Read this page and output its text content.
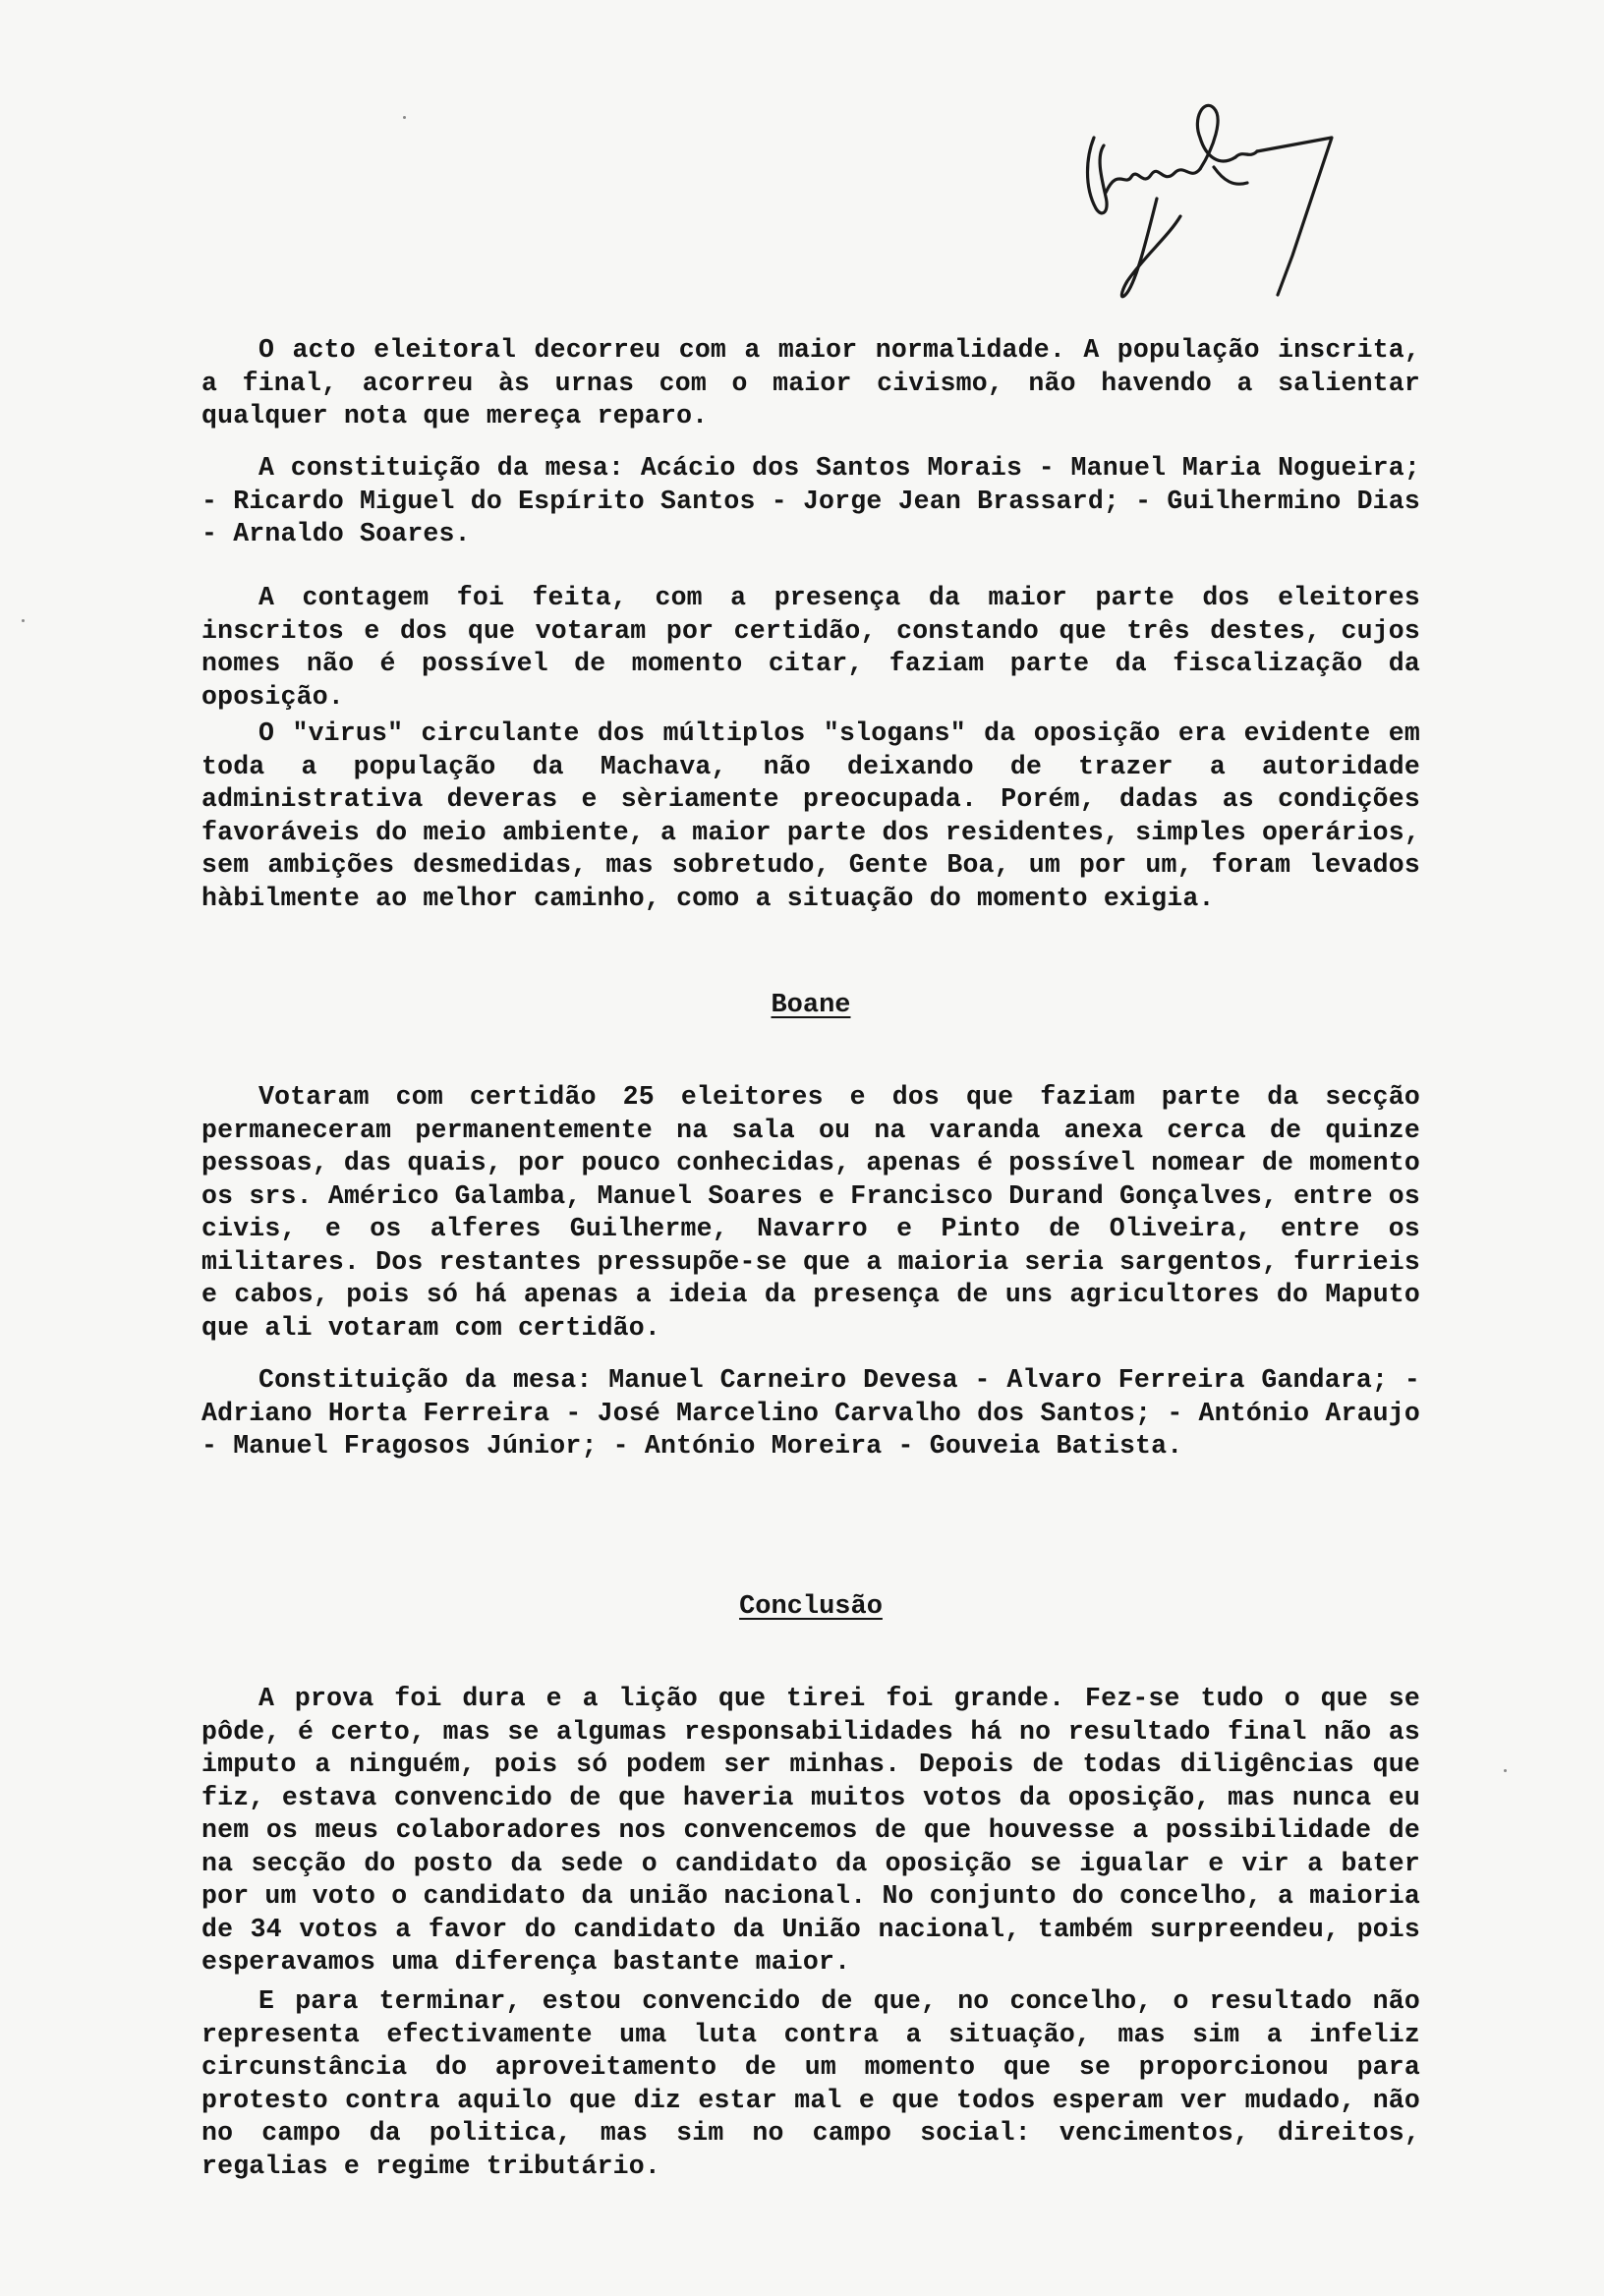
O acto eleitoral decorreu com a maior normalidade. A população inscrita, a final, acorreu às urnas com o maior civismo, não havendo a salientar qualquer nota que mereça reparo.

A constituição da mesa: Acácio dos Santos Morais - Manuel Maria Nogueira; - Ricardo Miguel do Espírito Santos - Jorge Jean Brassard; - Guilhermino Dias - Arnaldo Soares.

A contagem foi feita, com a presença da maior parte dos eleitores inscritos e dos que votaram por certidão, constando que três destes, cujos nomes não é possível de momento citar, faziam parte da fiscalização da oposição.

O "virus" circulante dos múltiplos "slogans" da oposição era evidente em toda a população da Machava, não deixando de trazer a autoridade administrativa deveras e sèriamente preocupada. Porém, dadas as condições favoráveis do meio ambiente, a maior parte dos residentes, simples operários, sem ambições desmedidas, mas sobretudo, Gente Boa, um por um, foram levados hàbilmente ao melhor caminho, como a situação do momento exigia.

Boane

Votaram com certidão 25 eleitores e dos que faziam parte da secção permaneceram permanentemente na sala ou na varanda anexa cerca de quinze pessoas, das quais, por pouco conhecidas, apenas é possível nomear de momento os srs. Américo Galamba, Manuel Soares e Francisco Durand Gonçalves, entre os civis, e os alferes Guilherme, Navarro e Pinto de Oliveira, entre os militares. Dos restantes pressupõe-se que a maioria seria sargentos, furrieis e cabos, pois só há apenas a ideia da presença de uns agricultores do Maputo que ali votaram com certidão.

Constituição da mesa: Manuel Carneiro Devesa - Alvaro Ferreira Gandara; - Adriano Horta Ferreira - José Marcelino Carvalho dos Santos; - António Araujo - Manuel Fragosos Júnior; - António Moreira - Gouveia Batista.

Conclusão

A prova foi dura e a lição que tirei foi grande. Fez-se tudo o que se pôde, é certo, mas se algumas responsabilidades há no resultado final não as imputo a ninguém, pois só podem ser minhas. Depois de todas diligências que fiz, estava convencido de que haveria muitos votos da oposição, mas nunca eu nem os meus colaboradores nos convencemos de que houvesse a possibilidade de na secção do posto da sede o candidato da oposição se igualar e vir a bater por um voto o candidato da união nacional. No conjunto do concelho, a maioria de 34 votos a favor do candidato da União nacional, também surpreendeu, pois esperavamos uma diferença bastante maior.

E para terminar, estou convencido de que, no concelho, o resultado não representa efectivamente uma luta contra a situação, mas sim a infeliz circunstância do aproveitamento de um momento que se proporcionou para protesto contra aquilo que diz estar mal e que todos esperam ver mudado, não no campo da politica, mas sim no campo social: vencimentos, direitos, regalias e regime tributário.
